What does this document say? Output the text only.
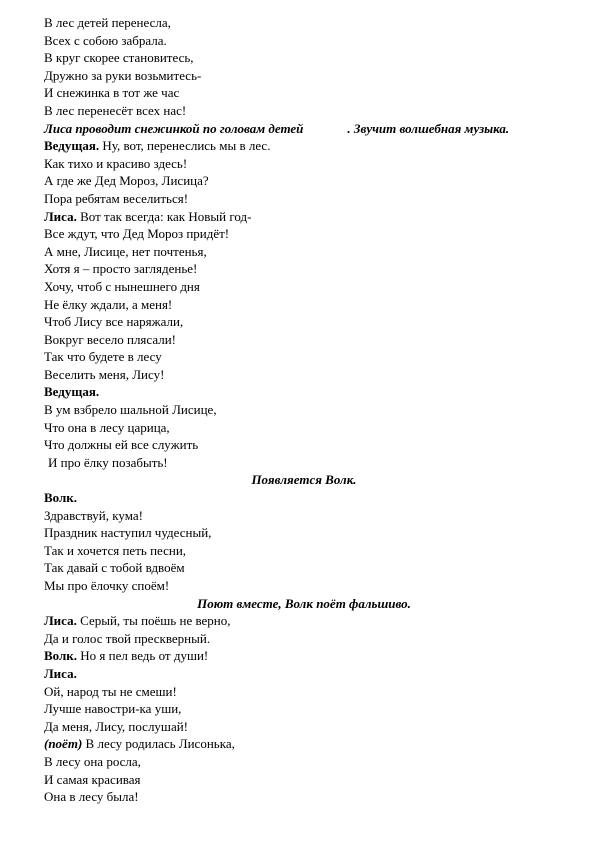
В лес детей перенесла,
Всех с собою забрала.
В круг скорее становитесь,
Дружно за руки возьмитесь-
И снежинка в тот же час
В лес перенесёт всех нас!
Лиса проводит снежинкой по головам детей	. Звучит волшебная музыка.
Ведущая. Ну, вот, перенеслись мы в лес.
Как тихо и красиво здесь!
А где же Дед Мороз, Лисица?
Пора ребятам веселиться!
Лиса. Вот так всегда: как Новый год-
Все ждут, что Дед Мороз придёт!
А мне, Лисице, нет почтенья,
Хотя я – просто загляденье!
Хочу, чтоб с нынешнего дня
Не ёлку ждали, а меня!
Чтоб Лису все наряжали,
Вокруг весело плясали!
Так что будете в лесу
Веселить меня, Лису!
Ведущая.
В ум взбрело шальной Лисице,
Что она в лесу царица,
Что должны ей все служить
И про ёлку позабыть!
Появляется Волк.
Волк.
Здравствуй, кума!
Праздник наступил чудесный,
Так и хочется петь песни,
Так давай с тобой вдвоём
Мы про ёлочку споём!
Поют вместе, Волк поёт фальшиво.
Лиса. Серый, ты поёшь не верно,
Да и голос твой прескверный.
Волк. Но я пел ведь от души!
Лиса.
Ой, народ ты не смеши!
Лучше навостри-ка уши,
Да меня, Лису, послушай!
(поёт) В лесу родилась Лисонька,
В лесу она росла,
И самая красивая
Она в лесу была!
